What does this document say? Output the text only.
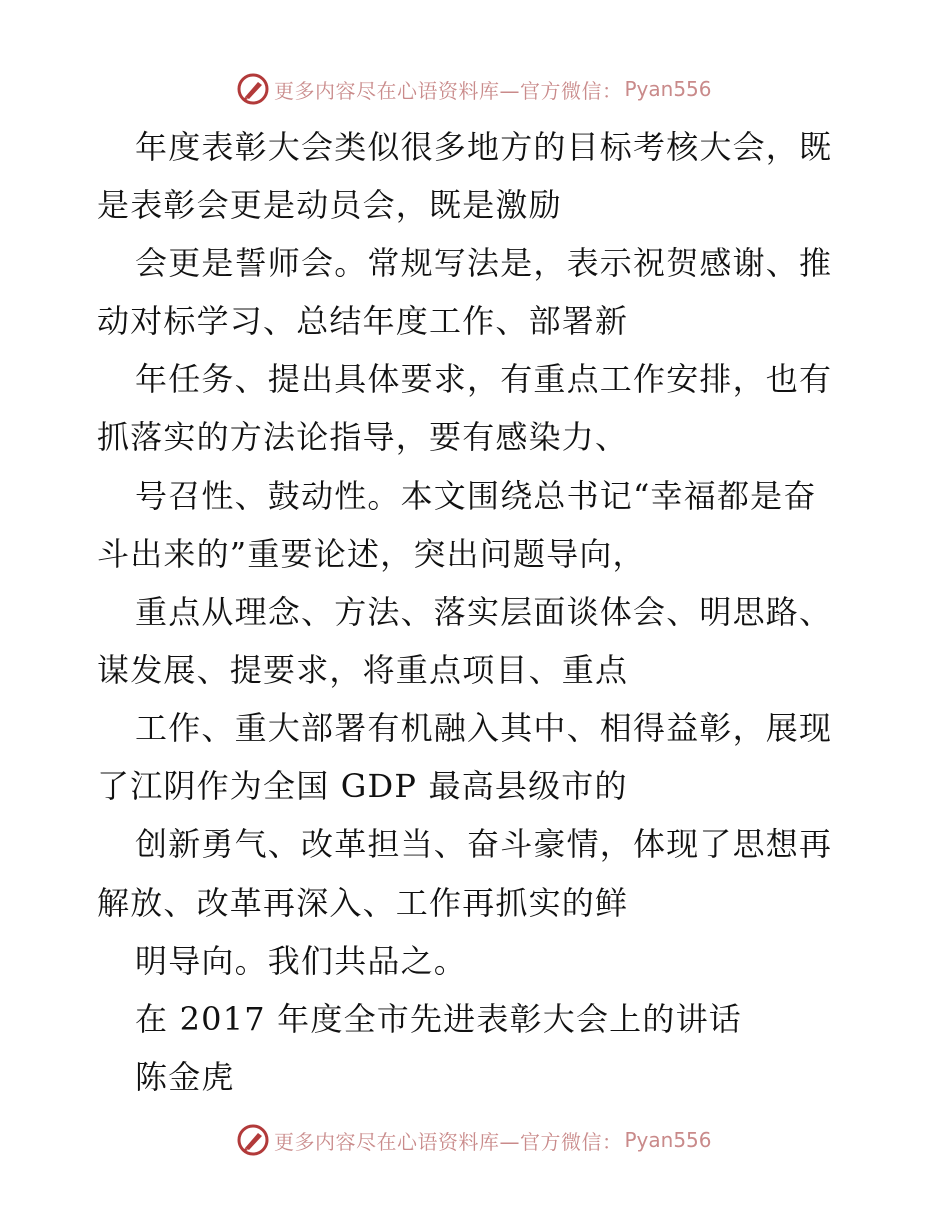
更多内容尽在心语资料库—官方微信： Pyan556
年度表彰大会类似很多地方的目标考核大会，既
是表彰会更是动员会，既是激励
会更是誓师会。常规写法是，表示祝贺感谢、推
动对标学习、总结年度工作、部署新
年任务、提出具体要求，有重点工作安排，也有
抓落实的方法论指导，要有感染力、
号召性、鼓动性。本文围绕总书记“幸福都是奋
斗出来的”重要论述，突出问题导向，
重点从理念、方法、落实层面谈体会、明思路、
谋发展、提要求，将重点项目、重点
工作、重大部署有机融入其中、相得益彰，展现
了江阴作为全国 GDP 最高县级市的
创新勇气、改革担当、奋斗豪情，体现了思想再
解放、改革再深入、工作再抓实的鲜
明导向。我们共品之。
在 2017 年度全市先进表彰大会上的讲话
陈金虎
更多内容尽在心语资料库—官方微信： Pyan556
